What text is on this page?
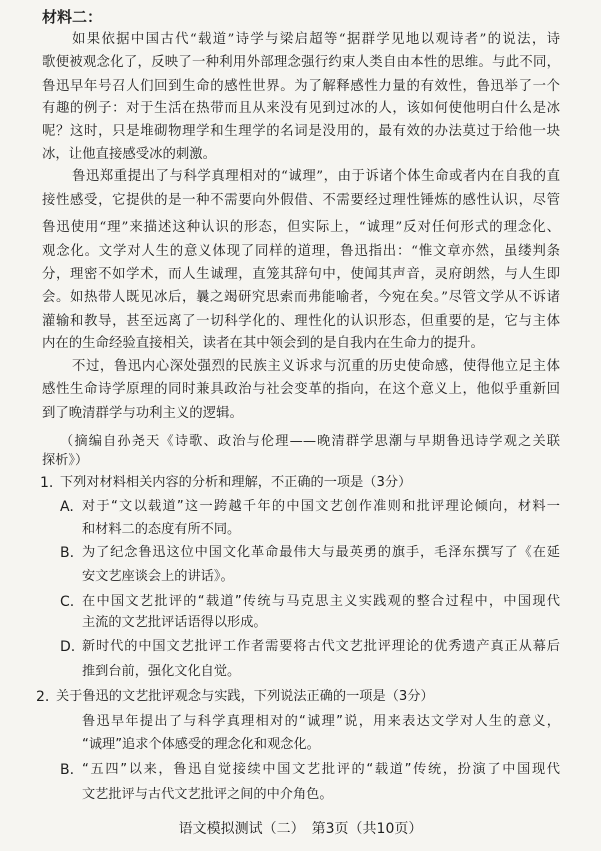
材料二：
如果依据中国古代“载道”诗学与梁启超等“据群学见地以观诗者”的说法，诗
歌便被观念化了，反映了一种利用外部理念强行约束人类自由本性的思维。与此不同，
鲁迅早年号召人们回到生命的感性世界。为了解释感性力量的有效性，鲁迅举了一个
有趣的例子：对于生活在热带而且从来没有见到过冰的人，该如何使他明白什么是冰
呢？这时，只是堆砌物理学和生理学的名词是没用的，最有效的办法莫过于给他一块
冰，让他直接感受冰的刺激。
鲁迅郑重提出了与科学真理相对的“诚理”，由于诉诸个体生命或者内在自我的直
接性感受，它提供的是一种不需要向外假借、不需要经过理性锤炼的感性认识，尽管
鲁迅使用“理”来描述这种认识的形态，但实际上，“诚理”反对任何形式的理念化、
观念化。文学对人生的意义体现了同样的道理，鲁迅指出：“惟文章亦然，虽缕判条
分，理密不如学术，而人生诚理，直笼其辞句中，使闻其声音，灵府朗然，与人生即
会。如热带人既见冰后，曩之竭研究思索而弗能喻者，今宛在矣。”尽管文学从不诉诸
灌输和教导，甚至远离了一切科学化的、理性化的认识形态，但重要的是，它与主体
内在的生命经验直接相关，读者在其中领会到的是自我内在生命力的提升。
不过，鲁迅内心深处强烈的民族主义诉求与沉重的历史使命感，使得他立足主体
感性生命诗学原理的同时兼具政治与社会变革的指向，在这个意义上，他似乎重新回
到了晚清群学与功利主义的逻辑。
（摘编自孙尧天《诗歌、政治与伦理——晚清群学思潮与早期鲁迅诗学观之关联
探析》）
1. 下列对材料相关内容的分析和理解，不正确的一项是（3分）
A. 对于“文以载道”这一跨越千年的中国文艺创作准则和批评理论倾向，材料一
和材料二的态度有所不同。
B. 为了纪念鲁迅这位中国文化革命最伟大与最英勇的旗手，毛泽东撰写了《在延
安文艺座谈会上的讲话》。
C. 在中国文艺批评的“载道”传统与马克思主义实践观的整合过程中，中国现代
主流的文艺批评话语得以形成。
D. 新时代的中国文艺批评工作者需要将古代文艺批评理论的优秀遗产真正从幕后
推到台前，强化文化自觉。
2. 关于鲁迅的文艺批评观念与实践，下列说法正确的一项是（3分）
鲁迅早年提出了与科学真理相对的“诚理”说，用来表达文学对人生的意义，
“诚理”追求个体感受的理念化和观念化。
B. “五四”以来，鲁迅自觉接续中国文艺批评的“载道”传统，扮演了中国现代
文艺批评与古代文艺批评之间的中介角色。
语文模拟测试（二）　第3页（共10页）
